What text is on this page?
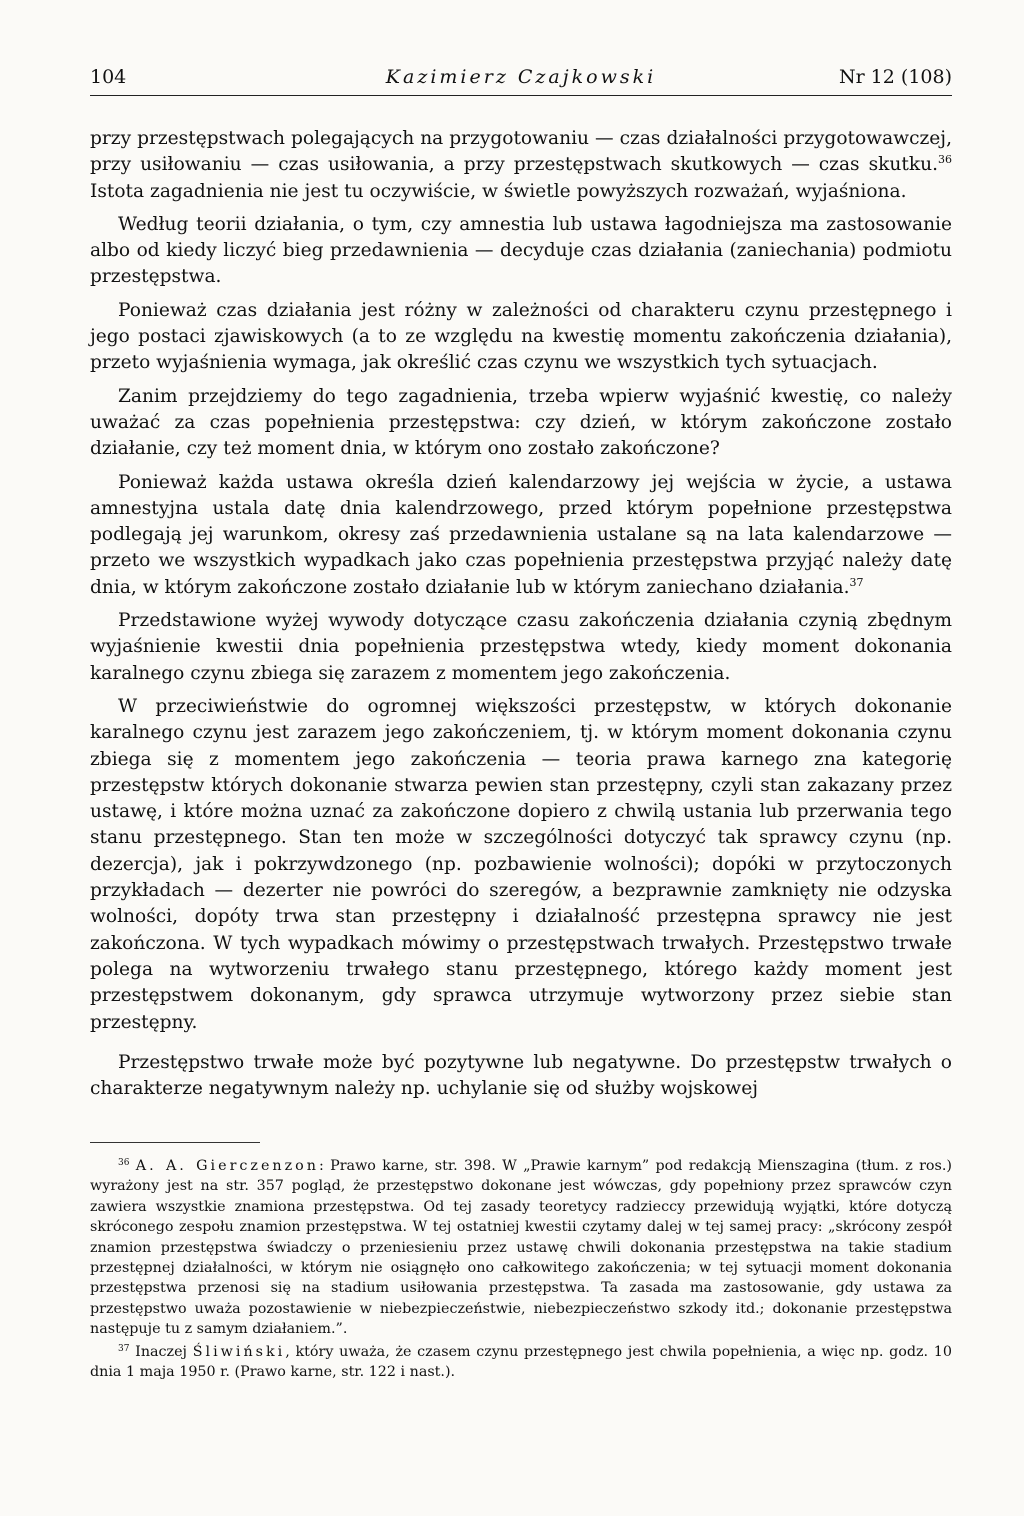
104	Kazimierz Czajkowski	Nr 12 (108)

przy przestępstwach polegających na przygotowaniu — czas działalności przygotowawczej, przy usiłowaniu — czas usiłowania, a przy przestępstwach skutkowych — czas skutku.$^{36}$ Istota zagadnienia nie jest tu oczywiście, w świetle powyższych rozważań, wyjaśniona.

Według teorii działania, o tym, czy amnestia lub ustawa łagodniejsza ma zastosowanie albo od kiedy liczyć bieg przedawnienia — decyduje czas działania (zaniechania) podmiotu przestępstwa.

Ponieważ czas działania jest różny w zależności od charakteru czynu przestępnego i jego postaci zjawiskowych (a to ze względu na kwestię momentu zakończenia działania), przeto wyjaśnienia wymaga, jak określić czas czynu we wszystkich tych sytuacjach.

Zanim przejdziemy do tego zagadnienia, trzeba wpierw wyjaśnić kwestię, co należy uważać za czas popełnienia przestępstwa: czy dzień, w którym zakończone zostało działanie, czy też moment dnia, w którym ono zostało zakończone?

Ponieważ każda ustawa określa dzień kalendarzowy jej wejścia w życie, a ustawa amnestyjna ustala datę dnia kalendrzowego, przed którym popełnione przestępstwa podlegają jej warunkom, okresy zaś przedawnienia ustalane są na lata kalendarzowe — przeto we wszystkich wypadkach jako czas popełnienia przestępstwa przyjąć należy datę dnia, w którym zakończone zostało działanie lub w którym zaniechano działania.$^{37}$

Przedstawione wyżej wywody dotyczące czasu zakończenia działania czynią zbędnym wyjaśnienie kwestii dnia popełnienia przestępstwa wtedy, kiedy moment dokonania karalnego czynu zbiega się zarazem z momentem jego zakończenia.

W przeciwieństwie do ogromnej większości przestępstw, w których dokonanie karalnego czynu jest zarazem jego zakończeniem, tj. w którym moment dokonania czynu zbiega się z momentem jego zakończenia — teoria prawa karnego zna kategorię przestępstw których dokonanie stwarza pewien stan przestępny, czyli stan zakazany przez ustawę, i które można uznać za zakończone dopiero z chwilą ustania lub przerwania tego stanu przestępnego. Stan ten może w szczególności dotyczyć tak sprawcy czynu (np. dezercja), jak i pokrzywdzonego (np. pozbawienie wolności); dopóki w przytoczonych przykładach — dezerter nie powróci do szeregów, a bezprawnie zamknięty nie odzyska wolności, dopóty trwa stan przestępny i działalność przestępna sprawcy nie jest zakończona. W tych wypadkach mówimy o przestępstwach trwałych. Przestępstwo trwałe polega na wytworzeniu trwałego stanu przestępnego, którego każdy moment jest przestępstwem dokonanym, gdy sprawca utrzymuje wytworzony przez siebie stan przestępny.

Przestępstwo trwałe może być pozytywne lub negatywne. Do przestępstw trwałych o charakterze negatywnym należy np. uchylanie się od służby wojskowej

$^{36}$ A. A. Gierczenzon: Prawo karne, str. 398. W „Prawie karnym” pod redakcją Mienszagina (tłum. z ros.) wyrażony jest na str. 357 pogląd, że przestępstwo dokonane jest wówczas, gdy popełniony przez sprawców czyn zawiera wszystkie znamiona przestępstwa. Od tej zasady teoretycy radzieccy przewidują wyjątki, które dotyczą skróconego zespołu znamion przestępstwa. W tej ostatniej kwestii czytamy dalej w tej samej pracy: „skrócony zespół znamion przestępstwa świadczy o przeniesieniu przez ustawę chwili dokonania przestępstwa na takie stadium przestępnej działalności, w którym nie osiągnęło ono całkowitego zakończenia; w tej sytuacji moment dokonania przestępstwa przenosi się na stadium usiłowania przestępstwa. Ta zasada ma zastosowanie, gdy ustawa za przestępstwo uważa pozostawienie w niebezpieczeństwie, niebezpieczeństwo szkody itd.; dokonanie przestępstwa następuje tu z samym działaniem.”.

$^{37}$ Inaczej Śliwiński, który uważa, że czasem czynu przestępnego jest chwila popełnienia, a więc np. godz. 10 dnia 1 maja 1950 r. (Prawo karne, str. 122 i nast.).
